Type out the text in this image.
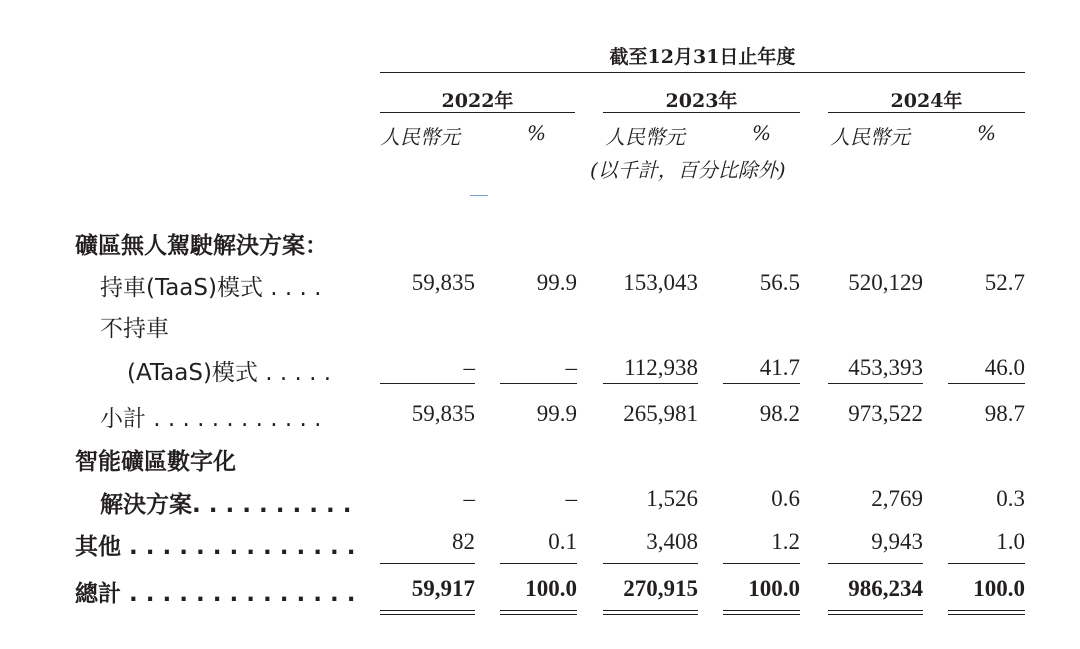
截至12月31日止年度
2022年	2023年	2024年
人民幣元	%	人民幣元	%	人民幣元	%
(以千計，百分比除外)
礦區無人駕駛解決方案：
持車(TaaS)模式 . . . .	59,835	99.9	153,043	56.5	520,129	52.7
不持車
(ATaaS)模式 . . . . .	–	–	112,938	41.7	453,393	46.0
小計 . . . . . . . . . . . .	59,835	99.9	265,981	98.2	973,522	98.7
智能礦區數字化
解決方案. . . . . . . . . .	–	–	1,526	0.6	2,769	0.3
其他 . . . . . . . . . . . . . .	82	0.1	3,408	1.2	9,943	1.0
總計 . . . . . . . . . . . . . .	59,917	100.0	270,915	100.0	986,234	100.0
